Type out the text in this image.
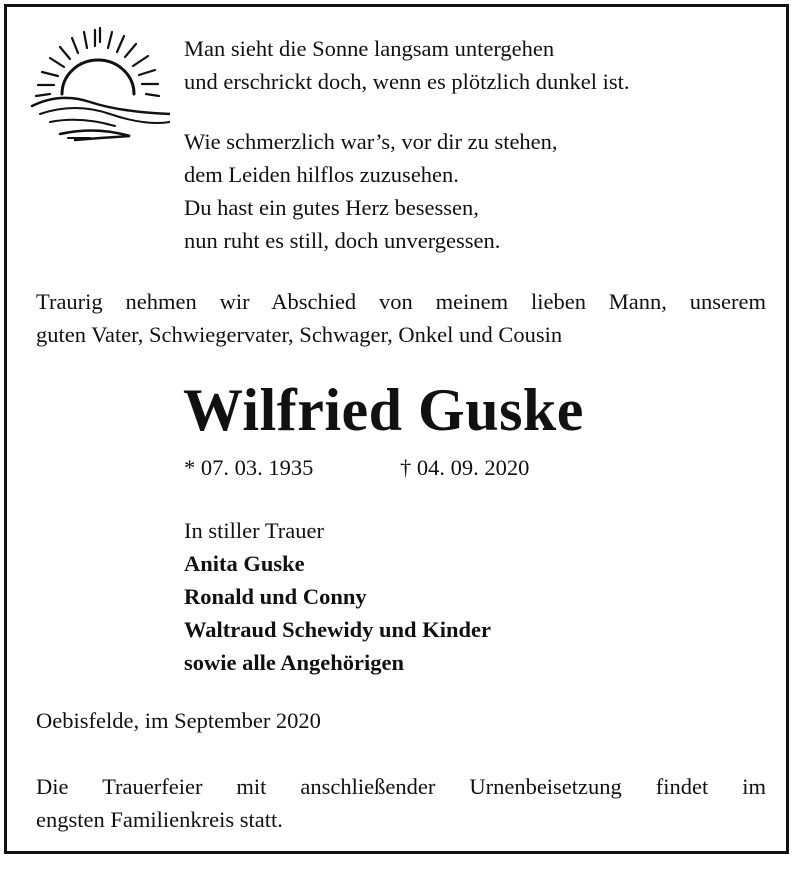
Man sieht die Sonne langsam untergehen
und erschrickt doch, wenn es plötzlich dunkel ist.
Wie schmerzlich war’s, vor dir zu stehen,
dem Leiden hilflos zuzusehen.
Du hast ein gutes Herz besessen,
nun ruht es still, doch unvergessen.
Traurig nehmen wir Abschied von meinem lieben Mann, unserem
guten Vater, Schwiegervater, Schwager, Onkel und Cousin
Wilfried Guske
* 07. 03. 1935	† 04. 09. 2020
In stiller Trauer
Anita Guske
Ronald und Conny
Waltraud Schewidy und Kinder
sowie alle Angehörigen
Oebisfelde, im September 2020
Die Trauerfeier mit anschließender Urnenbeisetzung findet im
engsten Familienkreis statt.
